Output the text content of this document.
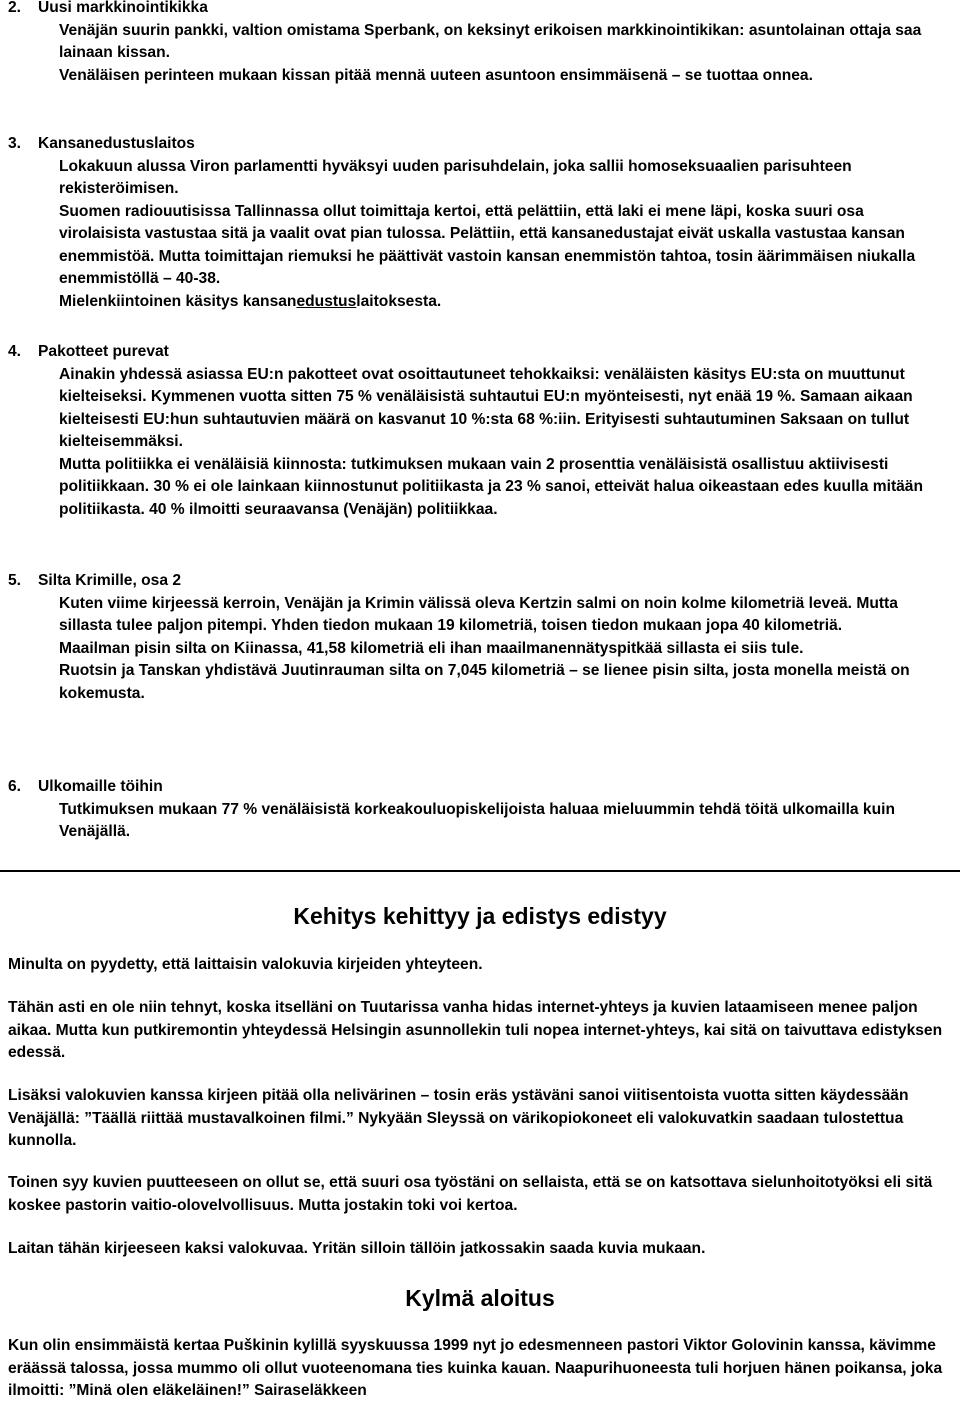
2. Uusi markkinointikikka

Venäjän suurin pankki, valtion omistama Sperbank, on keksinyt erikoisen markkinointikikan: asuntolainan ottaja saa lainaan kissan.

Venäläisen perinteen mukaan kissan pitää mennä uuteen asuntoon ensimmäisenä – se tuottaa onnea.

3. Kansanedustuslaitos

Lokakuun alussa Viron parlamentti hyväksyi uuden parisuhdelain, joka sallii homoseksuaalien parisuhteen rekisteröimisen.

Suomen radiouutisissa Tallinnassa ollut toimittaja kertoi, että pelättiin, että laki ei mene läpi, koska suuri osa virolaisista vastustaa sitä ja vaalit ovat pian tulossa. Pelättiin, että kansanedustajat eivät uskalla vastustaa kansan enemmistöä. Mutta toimittajan riemuksi he päättivät vastoin kansan enemmistön tahtoa, tosin äärimmäisen niukalla enemmistöllä – 40-38.

Mielenkiintoinen käsitys kansanedustuslaitoksesta.

4. Pakotteet purevat

Ainakin yhdessä asiassa EU:n pakotteet ovat osoittautuneet tehokkaiksi: venäläisten käsitys EU:sta on muuttunut kielteiseksi. Kymmenen vuotta sitten 75 % venäläisistä suhtautui EU:n myönteisesti, nyt enää 19 %. Samaan aikaan kielteisesti EU:hun suhtautuvien määrä on kasvanut 10 %:sta 68 %:iin. Erityisesti suhtautuminen Saksaan on tullut kielteisemmäksi.

Mutta politiikka ei venäläisiä kiinnosta: tutkimuksen mukaan vain 2 prosenttia venäläisistä osallistuu aktiivisesti politiikkaan. 30 % ei ole lainkaan kiinnostunut politiikasta ja 23 % sanoi, etteivät halua oikeastaan edes kuulla mitään politiikasta. 40 % ilmoitti seuraavansa (Venäjän) politiikkaa.

5. Silta Krimille, osa 2

Kuten viime kirjeessä kerroin, Venäjän ja Krimin välissä oleva Kertzin salmi on noin kolme kilometriä leveä. Mutta sillasta tulee paljon pitempi. Yhden tiedon mukaan 19 kilometriä, toisen tiedon mukaan jopa 40 kilometriä.

Maailman pisin silta on Kiinassa, 41,58 kilometriä eli ihan maailmanennätyspitkää sillasta ei siis tule.

Ruotsin ja Tanskan yhdistävä Juutinrauman silta on 7,045 kilometriä – se lienee pisin silta, josta monella meistä on kokemusta.

6. Ulkomaille töihin

Tutkimuksen mukaan 77 % venäläisistä korkeakouluopiskelijoista haluaa mieluummin tehdä töitä ulkomailla kuin Venäjällä.

Kehitys kehittyy ja edistys edistyy

Minulta on pyydetty, että laittaisin valokuvia kirjeiden yhteyteen.

Tähän asti en ole niin tehnyt, koska itselläni on Tuutarissa vanha hidas internet-yhteys ja kuvien lataamiseen menee paljon aikaa. Mutta kun putkiremontin yhteydessä Helsingin asunnollekin tuli nopea internet-yhteys, kai sitä on taivuttava edistyksen edessä.

Lisäksi valokuvien kanssa kirjeen pitää olla nelivärinen – tosin eräs ystäväni sanoi viitisentoista vuotta sitten käydessään Venäjällä: ”Täällä riittää mustavalkoinen filmi.” Nykyään Sleyssä on värikopiokoneet eli valokuvatkin saadaan tulostettua kunnolla.

Toinen syy kuvien puutteeseen on ollut se, että suuri osa työstäni on sellaista, että se on katsottava sielunhoitotyöksi eli sitä koskee pastorin vaitio-olovelvollisuus. Mutta jostakin toki voi kertoa.

Laitan tähän kirjeeseen kaksi valokuvaa. Yritän silloin tällöin jatkossakin saada kuvia mukaan.

Kylmä aloitus

Kun olin ensimmäistä kertaa Puškinin kylillä syyskuussa 1999 nyt jo edesmenneen pastori Viktor Golovinin kanssa, kävimme eräässä talossa, jossa mummo oli ollut vuoteenomana ties kuinka kauan. Naapurihuoneesta tuli horjuen hänen poikansa, joka ilmoitti: ”Minä olen eläkeläinen!” Sairaseläkkeen
